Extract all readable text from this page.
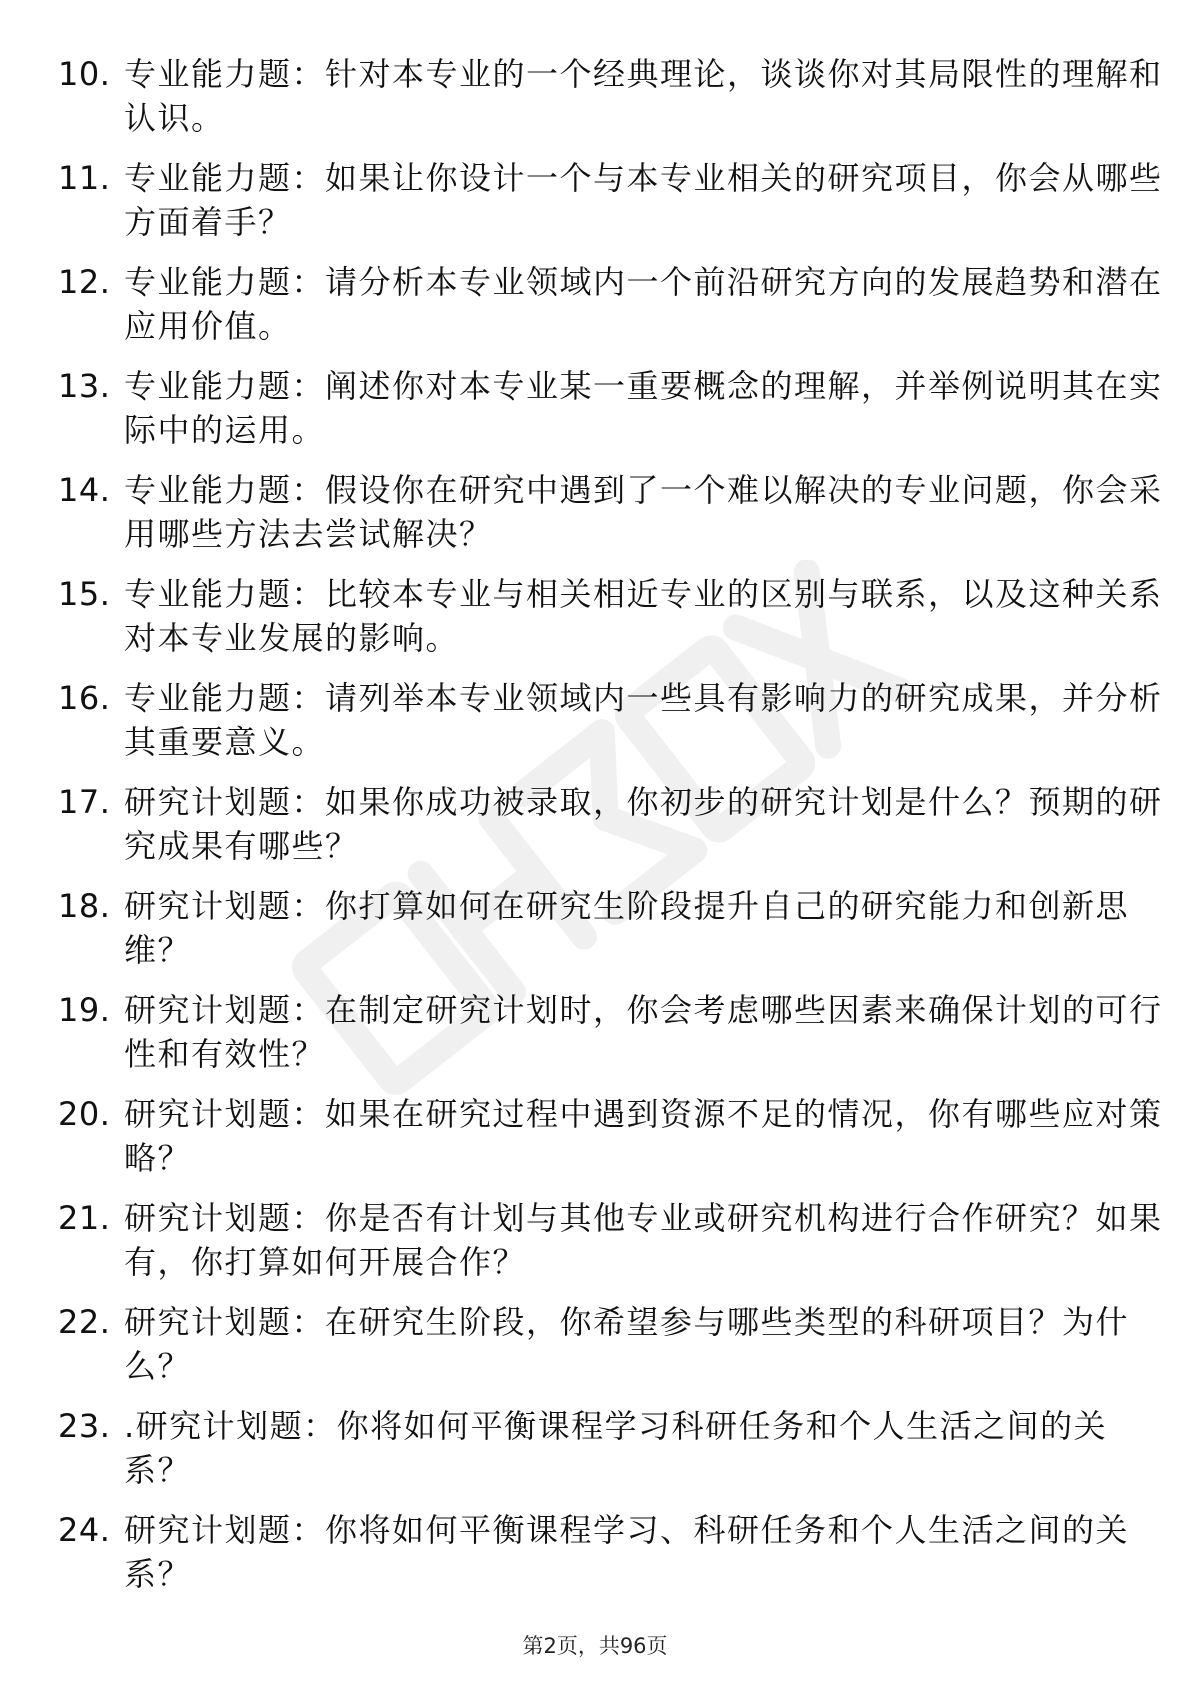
10. 专业能力题：针对本专业的一个经典理论，谈谈你对其局限性的理解和认识。
11. 专业能力题：如果让你设计一个与本专业相关的研究项目，你会从哪些方面着手？
12. 专业能力题：请分析本专业领域内一个前沿研究方向的发展趋势和潜在应用价值。
13. 专业能力题：阐述你对本专业某一重要概念的理解，并举例说明其在实际中的运用。
14. 专业能力题：假设你在研究中遇到了一个难以解决的专业问题，你会采用哪些方法去尝试解决？
15. 专业能力题：比较本专业与相关相近专业的区别与联系，以及这种关系对本专业发展的影响。
16. 专业能力题：请列举本专业领域内一些具有影响力的研究成果，并分析其重要意义。
17. 研究计划题：如果你成功被录取，你初步的研究计划是什么？预期的研究成果有哪些？
18. 研究计划题：你打算如何在研究生阶段提升自己的研究能力和创新思维？
19. 研究计划题：在制定研究计划时，你会考虑哪些因素来确保计划的可行性和有效性？
20. 研究计划题：如果在研究过程中遇到资源不足的情况，你有哪些应对策略？
21. 研究计划题：你是否有计划与其他专业或研究机构进行合作研究？如果有，你打算如何开展合作？
22. 研究计划题：在研究生阶段，你希望参与哪些类型的科研项目？为什么？
23. .研究计划题：你将如何平衡课程学习科研任务和个人生活之间的关系？
24. 研究计划题：你将如何平衡课程学习、科研任务和个人生活之间的关系？
第2页，共96页
